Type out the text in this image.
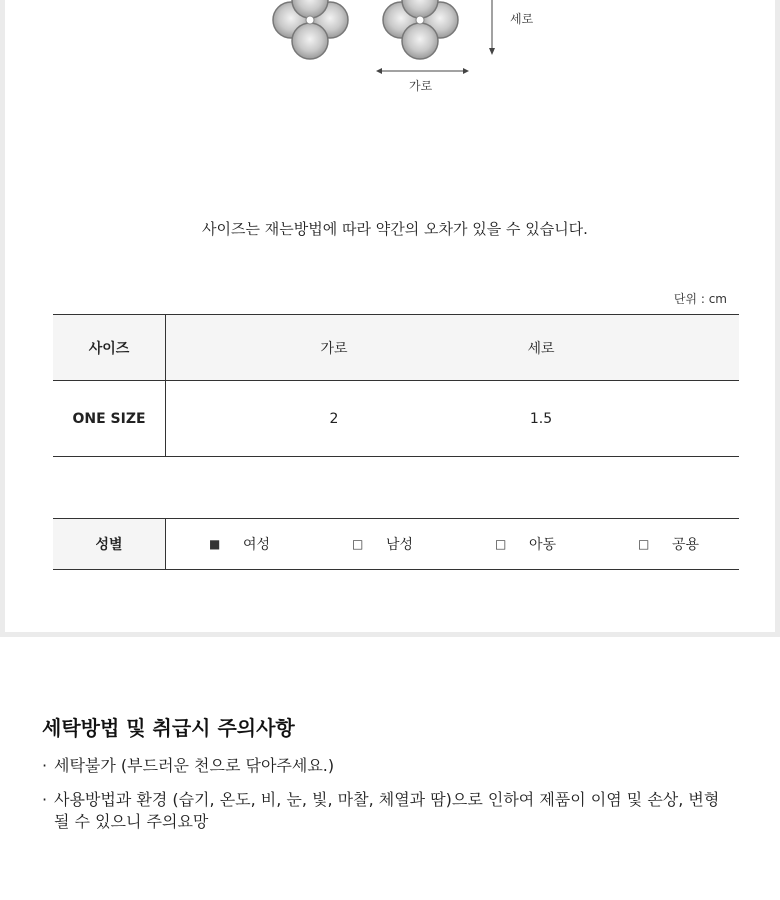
세로
가로
사이즈는 재는방법에 따라 약간의 오차가 있을 수 있습니다.
단위 : cm
사이즈	가로	세로	
ONE SIZE	2	1.5	
성별	■ 여성	□ 남성	□ 아동	□ 공용
세탁방법 및 취급시 주의사항
· 세탁불가 (부드러운 천으로 닦아주세요.)
· 사용방법과 환경 (습기, 온도, 비, 눈, 빛, 마찰, 체열과 땀)으로 인하여 제품이 이염 및 손상, 변형될 수 있으니 주의요망
